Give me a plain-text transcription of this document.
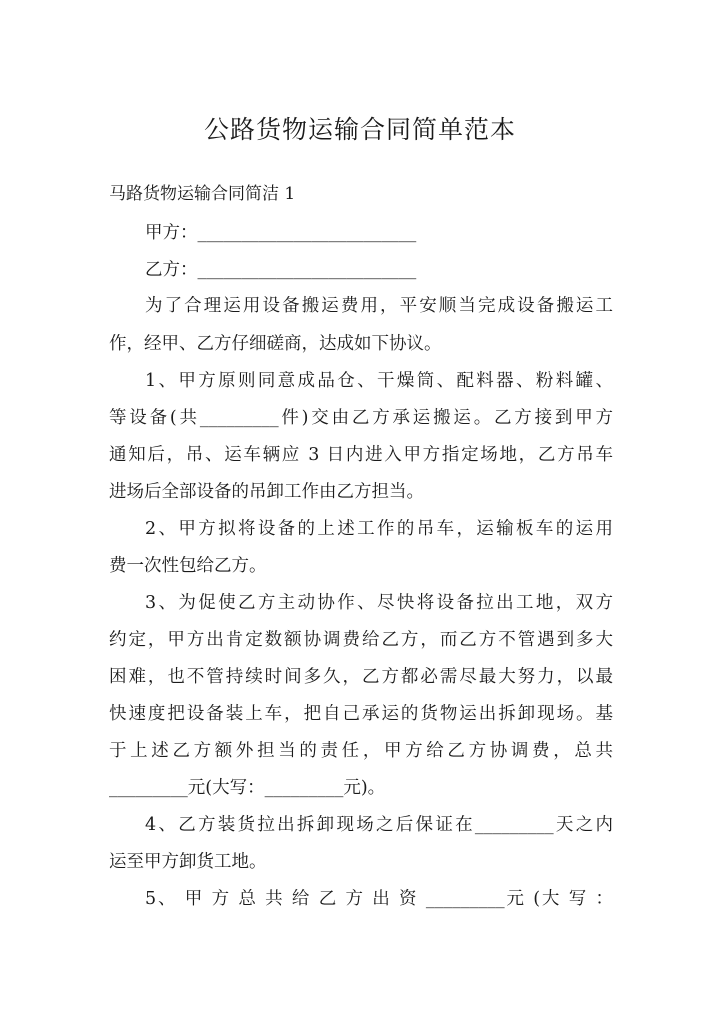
公路货物运输合同简单范本
马路货物运输合同简洁 1
甲方：_________________________
乙方：_________________________
为了合理运用设备搬运费用，平安顺当完成设备搬运工
作，经甲、乙方仔细磋商，达成如下协议。
1、甲方原则同意成品仓、干燥筒、配料器、粉料罐、
等设备(共_________件)交由乙方承运搬运。乙方接到甲方
通知后，吊、运车辆应 3 日内进入甲方指定场地，乙方吊车
进场后全部设备的吊卸工作由乙方担当。
2、甲方拟将设备的上述工作的吊车，运输板车的运用
费一次性包给乙方。
3、为促使乙方主动协作、尽快将设备拉出工地，双方
约定，甲方出肯定数额协调费给乙方，而乙方不管遇到多大
困难，也不管持续时间多久，乙方都必需尽最大努力，以最
快速度把设备装上车，把自己承运的货物运出拆卸现场。基
于上述乙方额外担当的责任，甲方给乙方协调费，总共
_________元(大写：_________元)。
4、乙方装货拉出拆卸现场之后保证在_________天之内
运至甲方卸货工地。
5、 甲 方 总 共 给 乙 方 出 资 _________元 (大 写 ：
